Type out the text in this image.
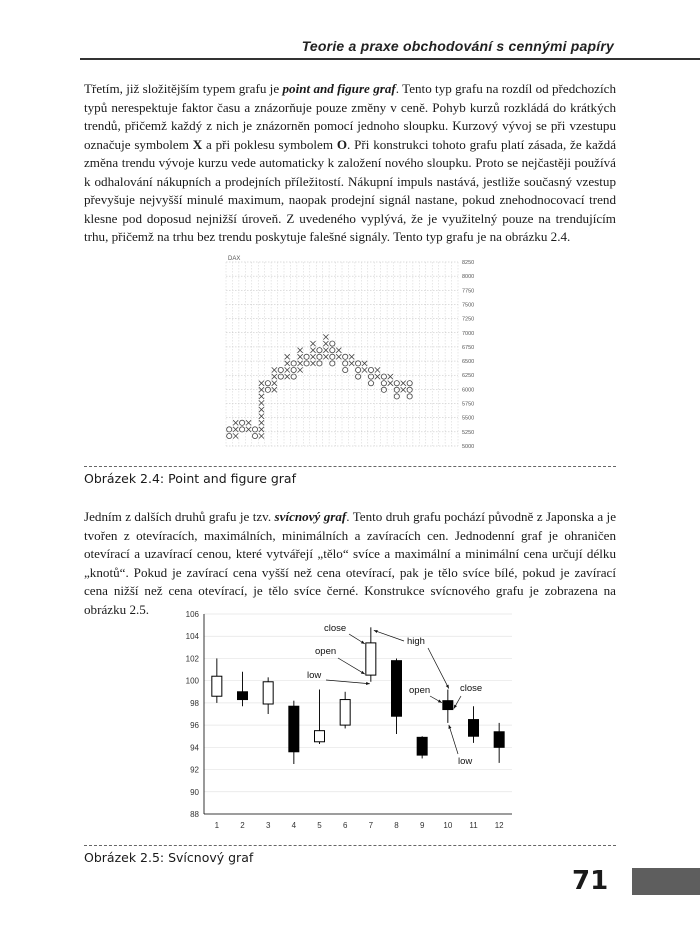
Teorie a praxe obchodování s cennými papíry

Třetím, již složitějším typem grafu je point and figure graf. Tento typ grafu na rozdíl od předchozích typů nerespektuje faktor času a znázorňuje pouze změny v ceně. Pohyb kurzů rozkládá do krátkých trendů, přičemž každý z nich je znázorněn pomocí jednoho sloupku. Kurzový vývoj se při vzestupu označuje symbolem X a při poklesu symbolem O. Při konstrukci tohoto grafu platí zásada, že každá změna trendu vývoje kurzu vede automaticky k založení nového sloupku. Proto se nejčastěji používá k odhalování nákupních a prodejních příležitostí. Nákupní impuls nastává, jestliže současný vzestup převyšuje nejvyšší minulé maximum, naopak prodejní signál nastane, pokud znehodnocovací trend klesne pod doposud nejnižší úroveň. Z uvedeného vyplývá, že je využitelný pouze na trendujícím trhu, přičemž na trhu bez trendu poskytuje falešné signály. Tento typ grafu je na obrázku 2.4.

DAX
8250
8000
7750
7500
7250
7000
6750
6500
6250
6000
5750
5500
5250
5000
Obrázek 2.4: Point and figure graf

Jedním z dalších druhů grafu je tzv. svícnový graf. Tento druh grafu pochází původně z Japonska a je tvořen z otevíracích, maximálních, minimálních a zavíracích cen. Jednodenní graf je ohraničen otevírací a uzavírací cenou, které vytvářejí „tělo“ svíce a maximální a minimální cena určují délku „knotů“. Pokud je zavírací cena vyšší než cena otevírací, pak je tělo svíce bílé, pokud je zavírací cena nižší než cena otevírací, je tělo svíce černé. Konstrukce svícnového grafu je zobrazena na obrázku 2.5.	106
104
102
100
98
96
94
92
90
88
1	2	3	4	5	6	7	8	9 10 11 12
close
open
low
high
open	close
low
Obrázek 2.5: Svícnový graf
71
